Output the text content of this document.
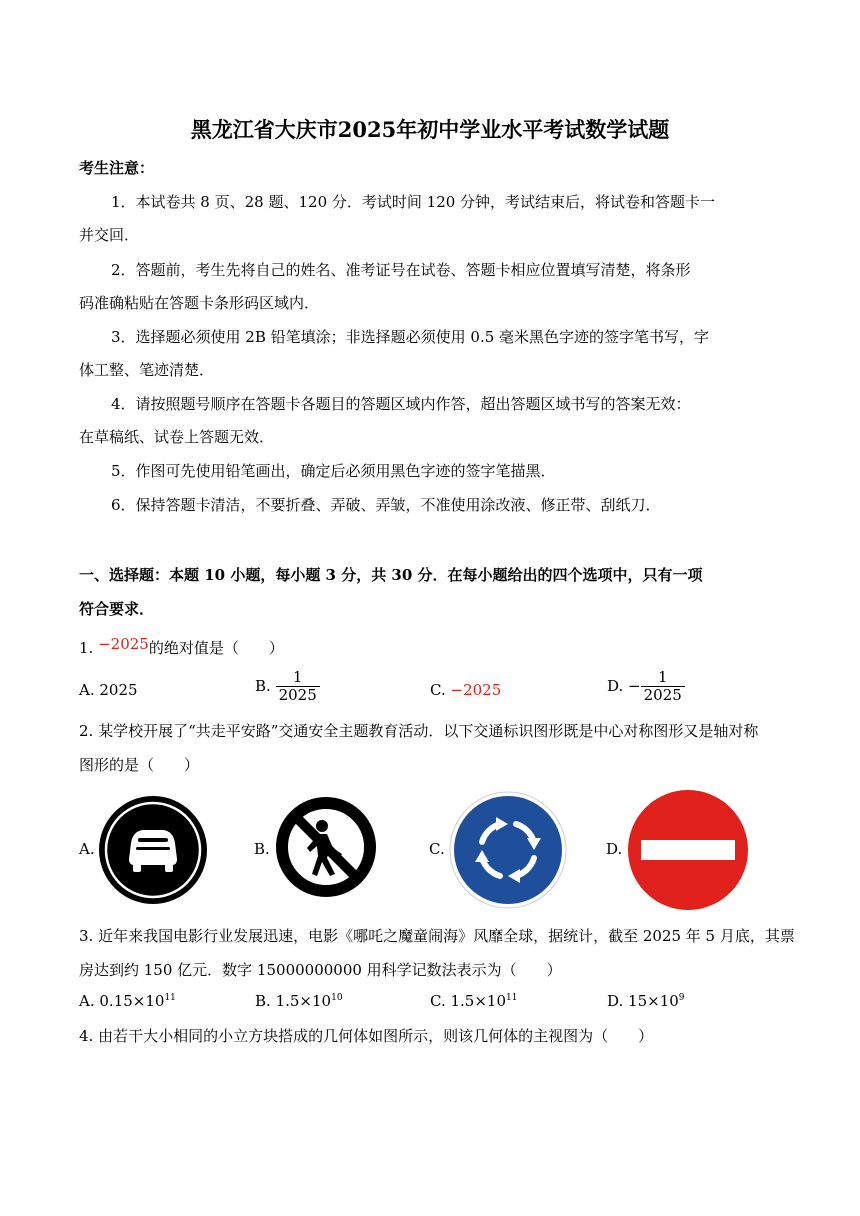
黑龙江省大庆市2025年初中学业水平考试数学试题
考生注意：
1．本试卷共 8 页、28 题、120 分．考试时间 120 分钟，考试结束后，将试卷和答题卡一
并交回．
2．答题前，考生先将自己的姓名、准考证号在试卷、答题卡相应位置填写清楚，将条形
码准确粘贴在答题卡条形码区域内．
3．选择题必须使用 2B 铅笔填涂；非选择题必须使用 0.5 毫米黑色字迹的签字笔书写，字
体工整、笔迹清楚．
4．请按照题号顺序在答题卡各题目的答题区域内作答，超出答题区域书写的答案无效：
在草稿纸、试卷上答题无效．
5．作图可先使用铅笔画出，确定后必须用黑色字迹的签字笔描黑．
6．保持答题卡清洁，不要折叠、弄破、弄皱，不准使用涂改液、修正带、刮纸刀．
一、选择题：本题 10 小题，每小题 3 分，共 30 分．在每小题给出的四个选项中，只有一项
符合要求．
1. −2025的绝对值是（　　）
A. 2025	B. $\frac{1}{2025}$	C. −2025	D. − $\frac{1}{2025}$
2. 某学校开展了“共走平安路”交通安全主题教育活动．以下交通标识图形既是中心对称图形又是轴对称
图形的是（　　）
A.	B.	C.	D.
3. 近年来我国电影行业发展迅速，电影《哪吒之魔童闹海》风靡全球，据统计，截至 2025 年 5 月底，其票
房达到约 150 亿元．数字 15000000000 用科学记数法表示为（　　）
A. $0.15\times 10^{11}$	B. $1.5\times 10^{10}$	C. $1.5\times 10^{11}$	D. $15\times 10^9$
4. 由若干大小相同的小立方块搭成的几何体如图所示，则该几何体的主视图为（　　）
